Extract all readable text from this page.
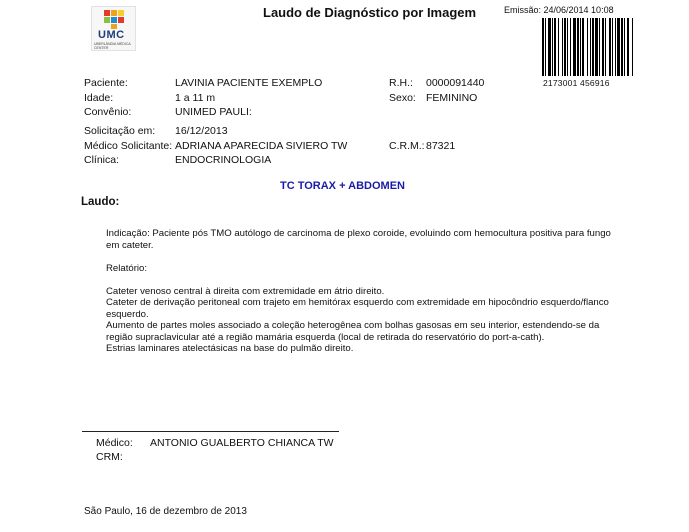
UMC
UBERLÂNDIA MÉDICA CENTER
Laudo de Diagnóstico por Imagem	Emissão: 24/06/2014 10:08
2173001 456916
Paciente:	LAVINIA PACIENTE EXEMPLO	R.H.: 0000091440
Idade:	1 a 11 m	Sexo: FEMININO
Convênio:	UNIMED PAULI:
Solicitação em: 16/12/2013
Médico Solicitante: ADRIANA APARECIDA SIVIERO TW	C.R.M.: 87321
Clínica:	ENDOCRINOLOGIA
TC TORAX + ABDOMEN
Laudo:

Indicação: Paciente pós TMO autólogo de carcinoma de plexo coroide, evoluindo com hemocultura positiva para fungo em cateter.

Relatório:

Cateter venoso central à direita com extremidade em átrio direito.

Cateter de derivação peritoneal com trajeto em hemitórax esquerdo com extremidade em hipocôndrio esquerdo/flanco esquerdo.

Aumento de partes moles associado a coleção heterogênea com bolhas gasosas em seu interior, estendendo-se da região supraclavicular até a região mamária esquerda (local de retirada do reservatório do port-a-cath).

Estrias laminares atelectásicas na base do pulmão direito.

Médico: ANTONIO GUALBERTO CHIANCA TW
CRM:
São Paulo, 16 de dezembro de 2013
